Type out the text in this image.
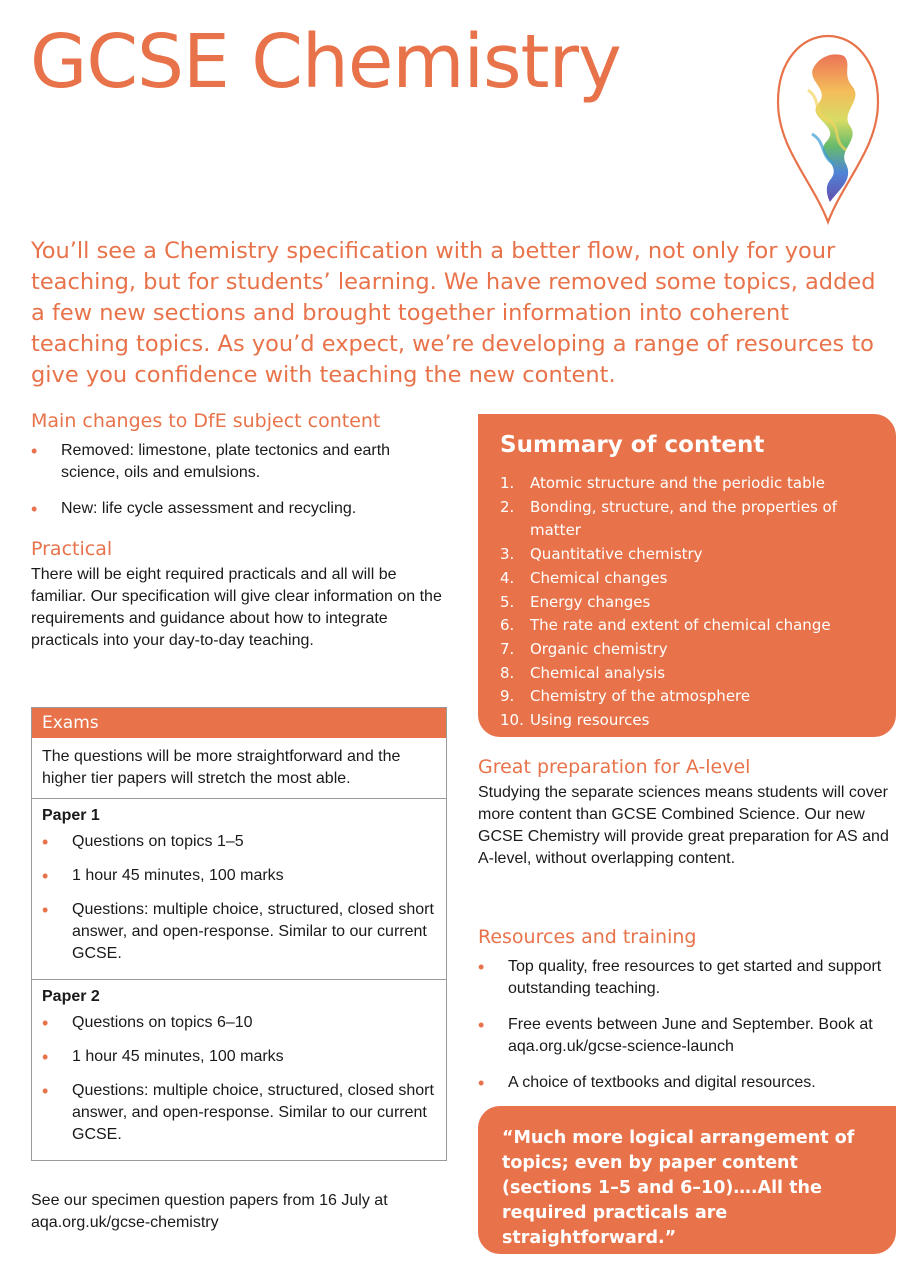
GCSE Chemistry

You’ll see a Chemistry specification with a better flow, not only for your teaching, but for students’ learning. We have removed some topics, added a few new sections and brought together information into coherent teaching topics. As you’d expect, we’re developing a range of resources to give you confidence with teaching the new content.

Main changes to DfE subject content
• Removed: limestone, plate tectonics and earth science, oils and emulsions.
• New: life cycle assessment and recycling.
Practical

There will be eight required practicals and all will be familiar. Our specification will give clear information on the requirements and guidance about how to integrate practicals into your day-to-day teaching.

Exams
The questions will be more straightforward and the higher tier papers will stretch the most able.
Paper 1
• Questions on topics 1–5
• 1 hour 45 minutes, 100 marks
• Questions: multiple choice, structured, closed short answer, and open-response. Similar to our current GCSE.
Paper 2
• Questions on topics 6–10
• 1 hour 45 minutes, 100 marks
• Questions: multiple choice, structured, closed short answer, and open-response. Similar to our current GCSE.

See our specimen question papers from 16 July at aqa.org.uk/gcse-chemistry

Summary of content
1.	Atomic structure and the periodic table
2.	Bonding, structure, and the properties of matter
3.	Quantitative chemistry
4.	Chemical changes
5.	Energy changes
6.	The rate and extent of chemical change
7.	Organic chemistry
8.	Chemical analysis
9.	Chemistry of the atmosphere
10. Using resources
Great preparation for A-level

Studying the separate sciences means students will cover more content than GCSE Combined Science. Our new GCSE Chemistry will provide great preparation for AS and A-level, without overlapping content.

Resources and training
• Top quality, free resources to get started and support outstanding teaching.
• Free events between June and September. Book at aqa.org.uk/gcse-science-launch
• A choice of textbooks and digital resources.
“Much more logical arrangement of topics; even by paper content (sections 1–5 and 6–10)….All the required practicals are straightforward.”
